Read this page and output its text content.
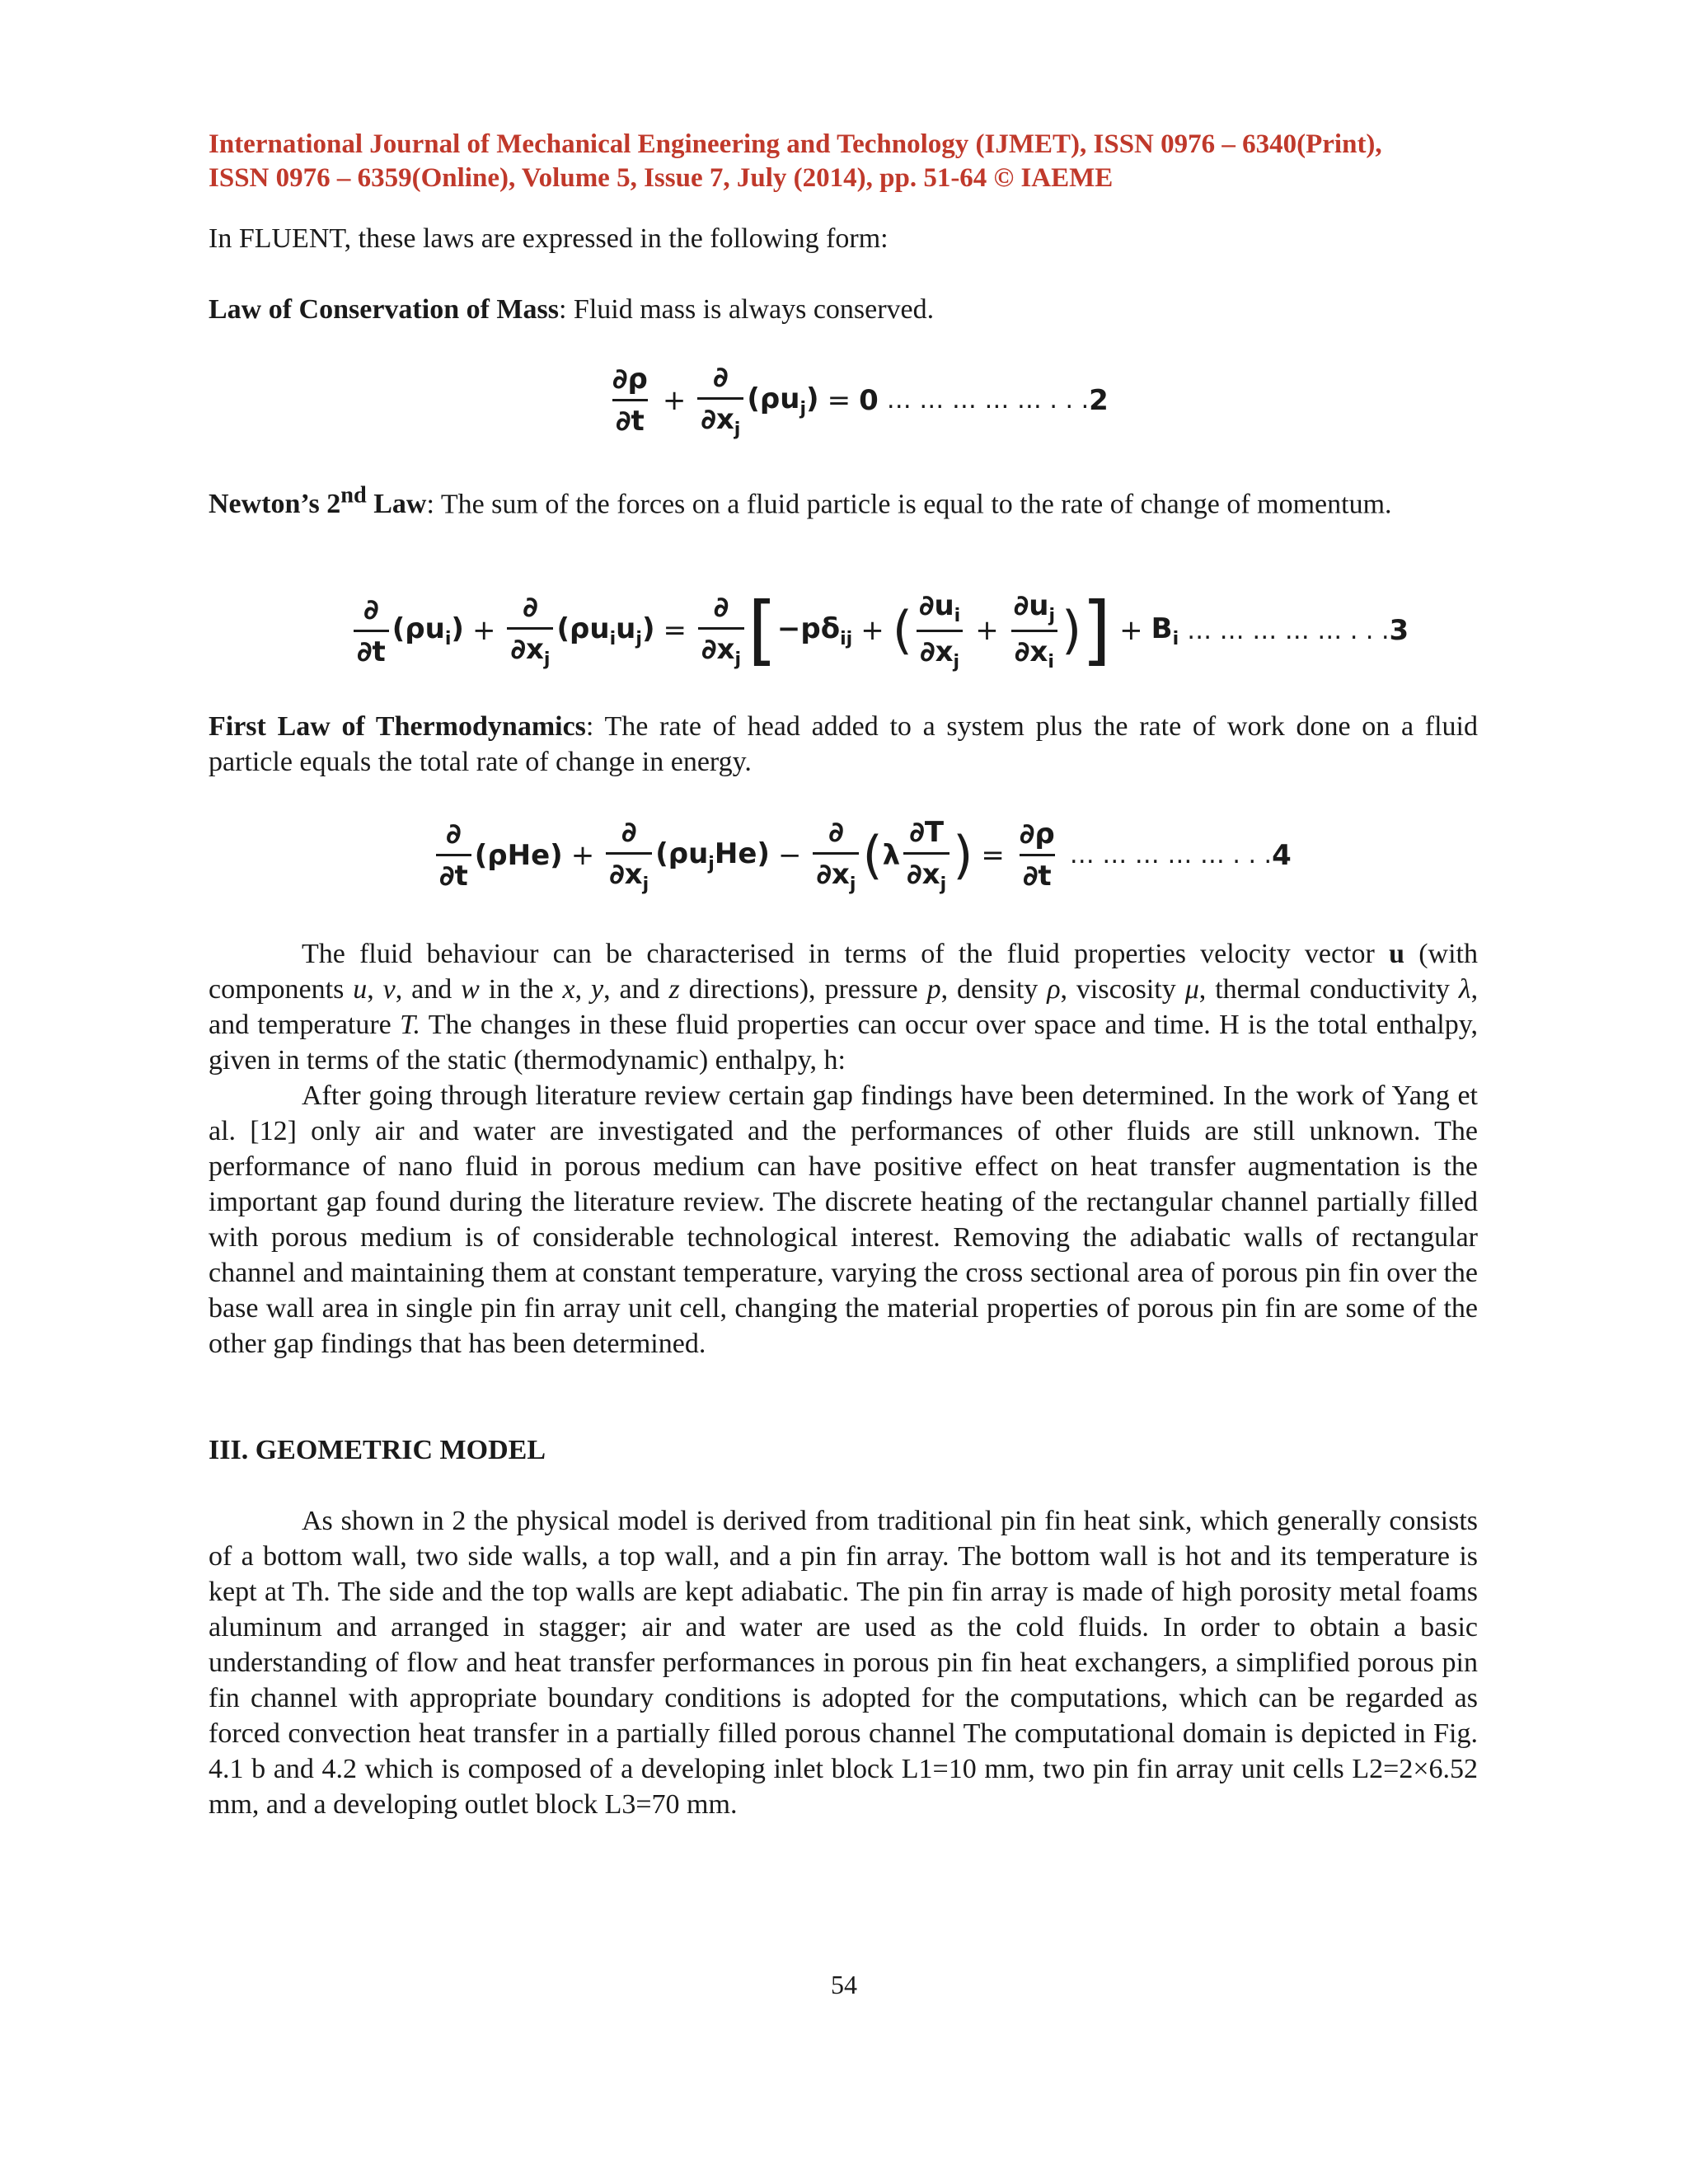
International Journal of Mechanical Engineering and Technology (IJMET), ISSN 0976 – 6340(Print),
ISSN 0976 – 6359(Online), Volume 5, Issue 7, July (2014), pp. 51-64 © IAEME
In FLUENT, these laws are expressed in the following form:
Law of Conservation of Mass: Fluid mass is always conserved.
$\frac{\partial\rho}{\partial t} + \frac{\partial}{\partial x_j} (\rho u_j) = 0$ … … … … … . . . 2
Newton’s 2nd Law: The sum of the forces on a fluid particle is equal to the rate of change of momentum.
$\frac{\partial}{\partial t} (\rho u_i) + \frac{\partial}{\partial x_j} (\rho u_iu_j) = \frac{\partial}{\partial x_j}$ [ $-p\delta_{ij}$ + ( $\frac{\partial u_i}{\partial x_j} + \frac{\partial u_j}{\partial x_i}$ ) ] + $B_i$ … … … … … . . . 3
First Law of Thermodynamics: The rate of head added to a system plus the rate of work done on a fluid particle equals the total rate of change in energy.
$\frac{\partial}{\partial t} (\rho He) + \frac{\partial}{\partial x_j} (\rho u_jHe) - \frac{\partial}{\partial x_j}$ ( λ $\frac{\partial T}{\partial x_j}$ ) = $\frac{\partial\rho}{\partial t}$ … … … … … . . . 4
The fluid behaviour can be characterised in terms of the fluid properties velocity vector u (with components u, v, and w in the x, y, and z directions), pressure p, density ρ, viscosity μ, thermal conductivity λ, and temperature T. The changes in these fluid properties can occur over space and time. H is the total enthalpy, given in terms of the static (thermodynamic) enthalpy, h:
After going through literature review certain gap findings have been determined. In the work of Yang et al. [12] only air and water are investigated and the performances of other fluids are still unknown. The performance of nano fluid in porous medium can have positive effect on heat transfer augmentation is the important gap found during the literature review. The discrete heating of the rectangular channel partially filled with porous medium is of considerable technological interest. Removing the adiabatic walls of rectangular channel and maintaining them at constant temperature, varying the cross sectional area of porous pin fin over the base wall area in single pin fin array unit cell, changing the material properties of porous pin fin are some of the other gap findings that has been determined.
III. GEOMETRIC MODEL
As shown in 2 the physical model is derived from traditional pin fin heat sink, which generally consists of a bottom wall, two side walls, a top wall, and a pin fin array. The bottom wall is hot and its temperature is kept at Th. The side and the top walls are kept adiabatic. The pin fin array is made of high porosity metal foams aluminum and arranged in stagger; air and water are used as the cold fluids. In order to obtain a basic understanding of flow and heat transfer performances in porous pin fin heat exchangers, a simplified porous pin fin channel with appropriate boundary conditions is adopted for the computations, which can be regarded as forced convection heat transfer in a partially filled porous channel The computational domain is depicted in Fig. 4.1 b and 4.2 which is composed of a developing inlet block L1=10 mm, two pin fin array unit cells L2=2×6.52 mm, and a developing outlet block L3=70 mm.
54
